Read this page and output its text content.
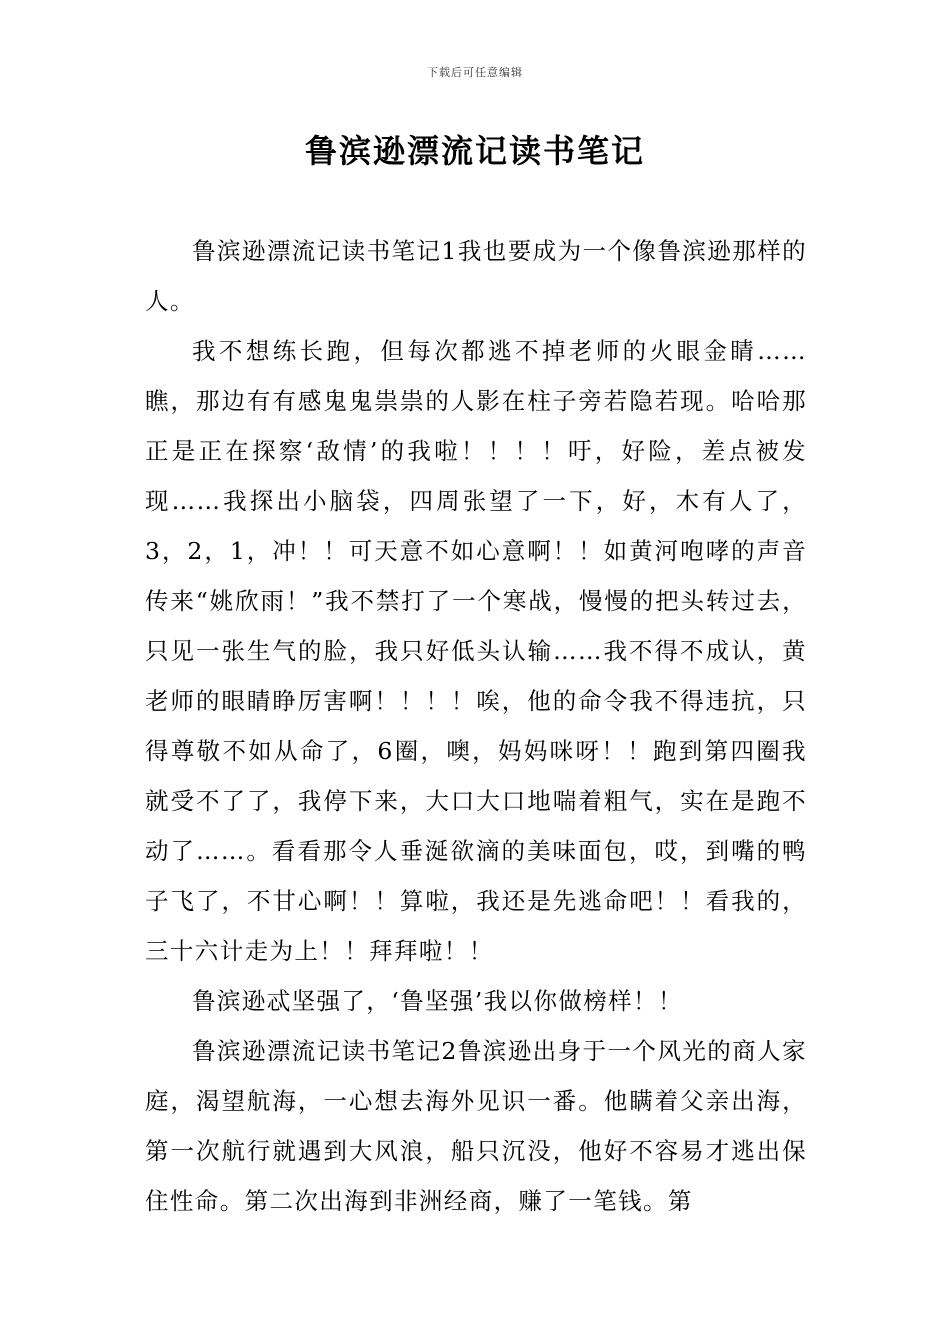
下载后可任意编辑
鲁滨逊漂流记读书笔记

鲁滨逊漂流记读书笔记1我也要成为一个像鲁滨逊那样的人。

我不想练长跑，但每次都逃不掉老师的火眼金睛……瞧，那边有有感鬼鬼祟祟的人影在柱子旁若隐若现。哈哈那正是正在探察‘敌情’的我啦！！！！吁，好险，差点被发现……我探出小脑袋，四周张望了一下，好，木有人了，3，2，1，冲！！可天意不如心意啊！！如黄河咆哮的声音传来“姚欣雨！”我不禁打了一个寒战，慢慢的把头转过去，只见一张生气的脸，我只好低头认输……我不得不成认，黄老师的眼睛睁厉害啊！！！！唉，他的命令我不得违抗，只得尊敬不如从命了，6圈，噢，妈妈咪呀！！跑到第四圈我就受不了了，我停下来，大口大口地喘着粗气，实在是跑不动了……。看看那令人垂涎欲滴的美味面包，哎，到嘴的鸭子飞了，不甘心啊！！算啦，我还是先逃命吧！！看我的，三十六计走为上！！拜拜啦！！

鲁滨逊忒坚强了，‘鲁坚强’我以你做榜样！！

鲁滨逊漂流记读书笔记2鲁滨逊出身于一个风光的商人家庭，渴望航海，一心想去海外见识一番。他瞒着父亲出海，第一次航行就遇到大风浪，船只沉没，他好不容易才逃出保住性命。第二次出海到非洲经商，赚了一笔钱。第
